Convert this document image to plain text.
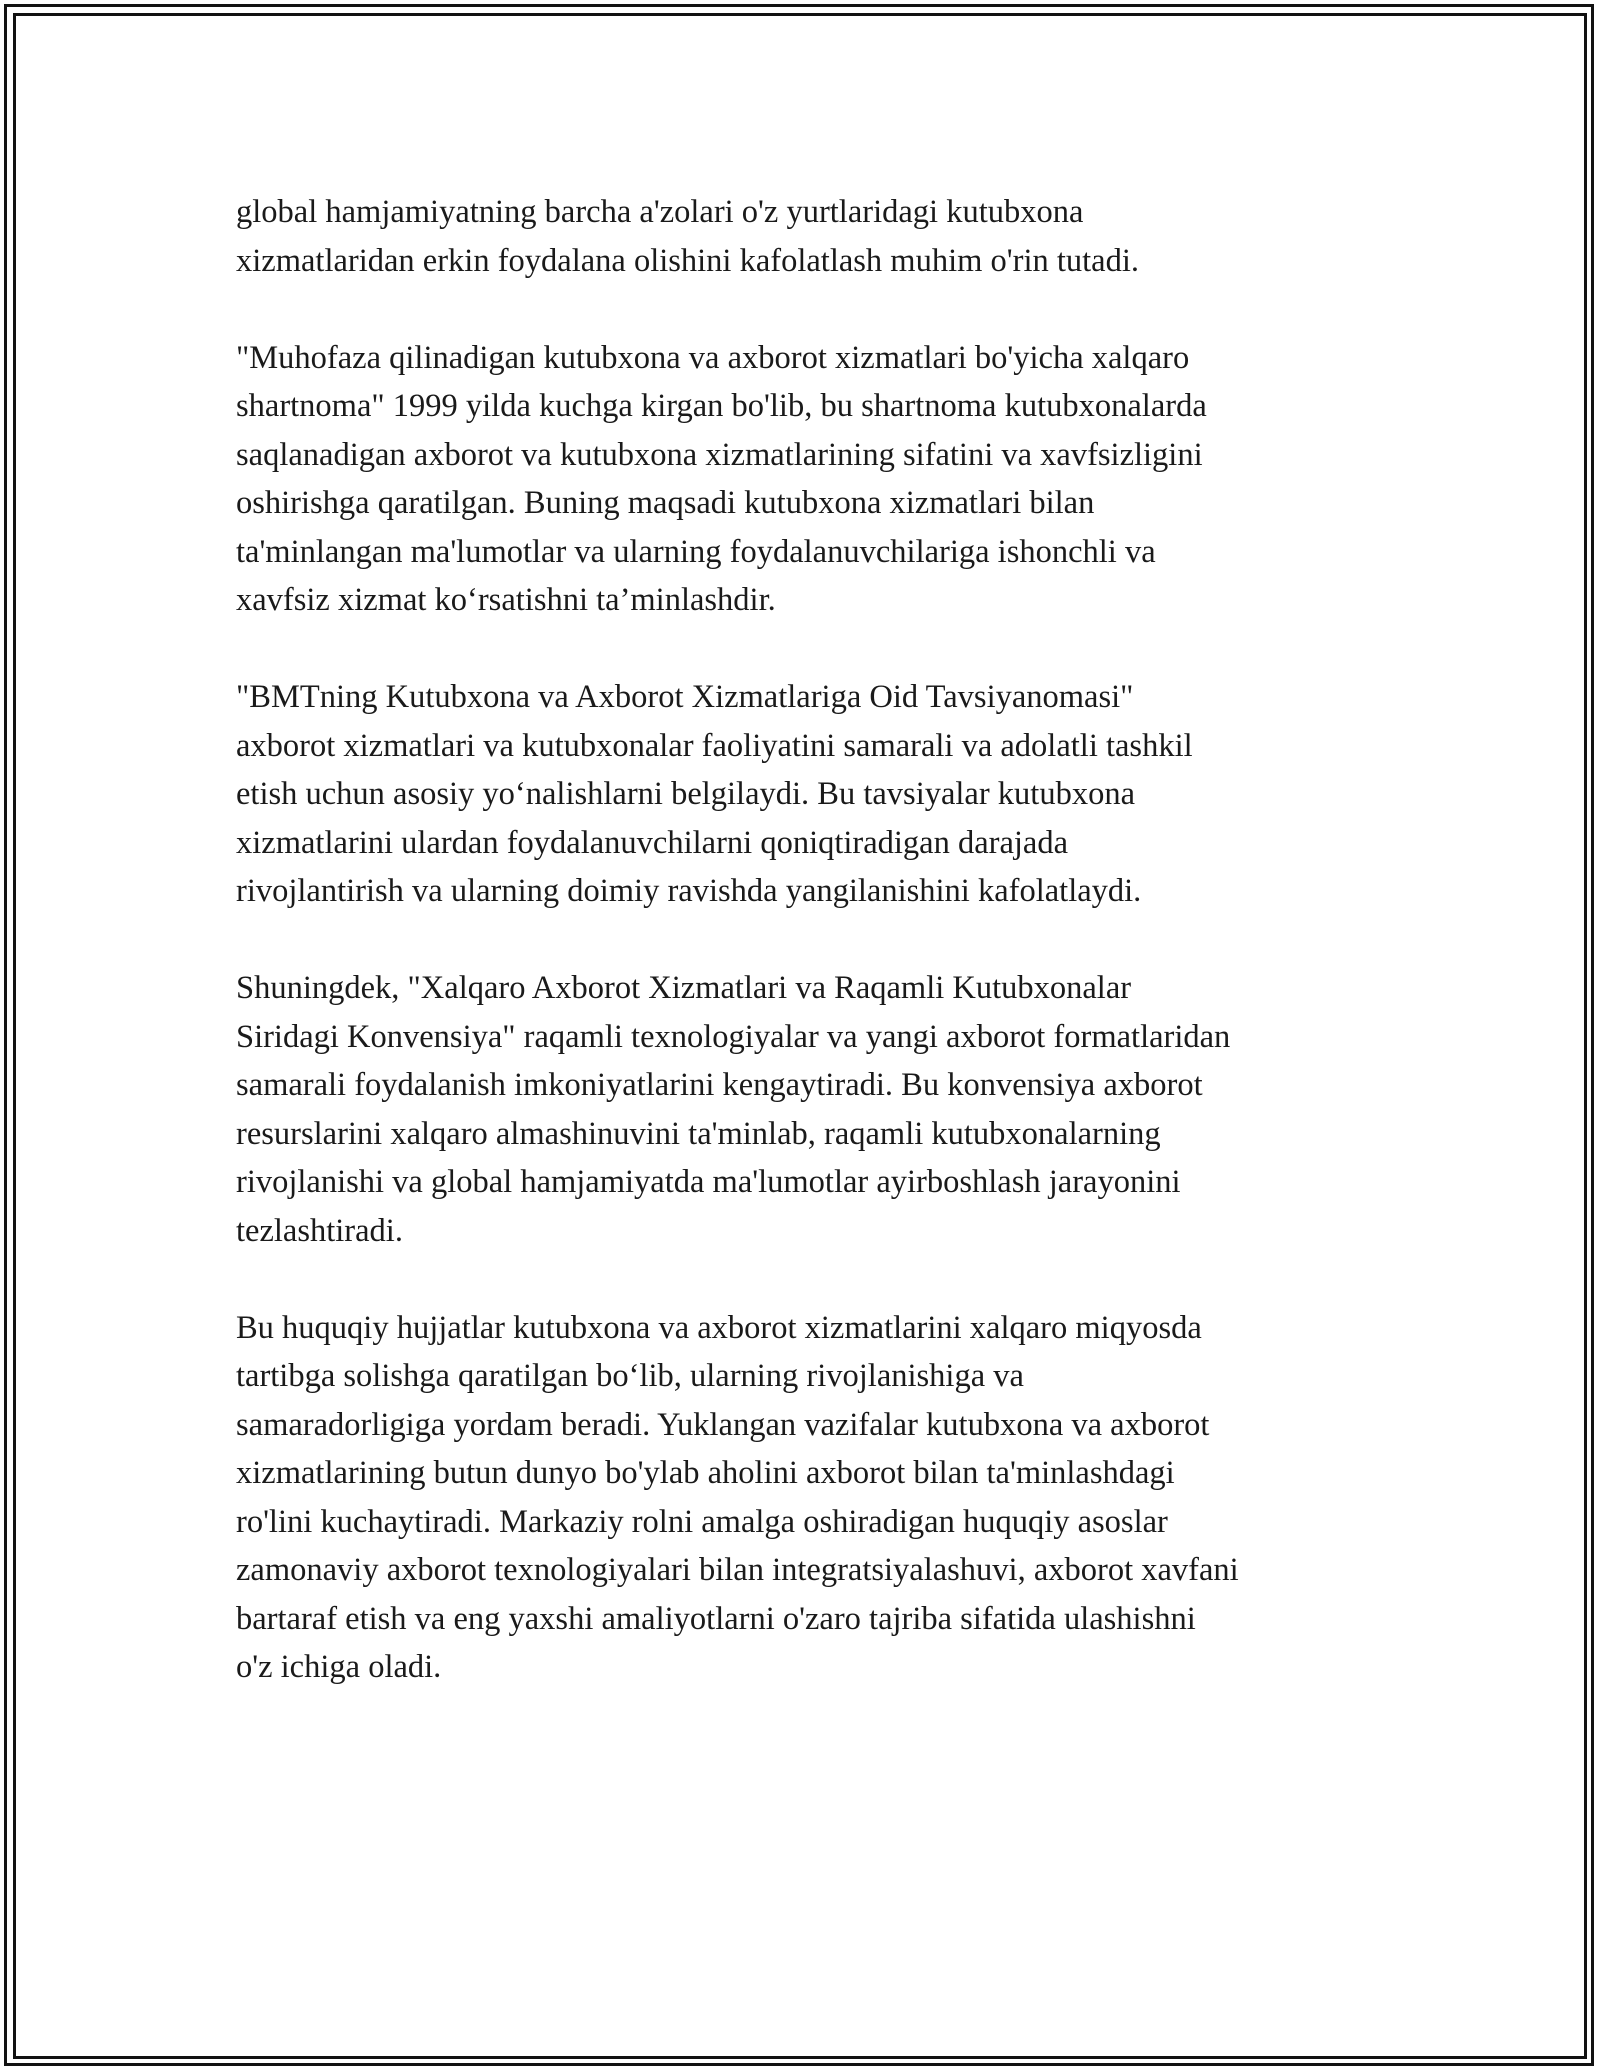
global hamjamiyatning barcha a'zolari o'z yurtlaridagi kutubxona
xizmatlaridan erkin foydalana olishini kafolatlash muhim o'rin tutadi.

"Muhofaza qilinadigan kutubxona va axborot xizmatlari bo'yicha xalqaro
shartnoma" 1999 yilda kuchga kirgan bo'lib, bu shartnoma kutubxonalarda
saqlanadigan axborot va kutubxona xizmatlarining sifatini va xavfsizligini
oshirishga qaratilgan. Buning maqsadi kutubxona xizmatlari bilan
ta'minlangan ma'lumotlar va ularning foydalanuvchilariga ishonchli va
xavfsiz xizmat ko‘rsatishni ta’minlashdir.

"BMTning Kutubxona va Axborot Xizmatlariga Oid Tavsiyanomasi"
axborot xizmatlari va kutubxonalar faoliyatini samarali va adolatli tashkil
etish uchun asosiy yo‘nalishlarni belgilaydi. Bu tavsiyalar kutubxona
xizmatlarini ulardan foydalanuvchilarni qoniqtiradigan darajada
rivojlantirish va ularning doimiy ravishda yangilanishini kafolatlaydi.

Shuningdek, "Xalqaro Axborot Xizmatlari va Raqamli Kutubxonalar
Siridagi Konvensiya" raqamli texnologiyalar va yangi axborot formatlaridan
samarali foydalanish imkoniyatlarini kengaytiradi. Bu konvensiya axborot
resurslarini xalqaro almashinuvini ta'minlab, raqamli kutubxonalarning
rivojlanishi va global hamjamiyatda ma'lumotlar ayirboshlash jarayonini
tezlashtiradi.

Bu huquqiy hujjatlar kutubxona va axborot xizmatlarini xalqaro miqyosda
tartibga solishga qaratilgan bo‘lib, ularning rivojlanishiga va
samaradorligiga yordam beradi. Yuklangan vazifalar kutubxona va axborot
xizmatlarining butun dunyo bo'ylab aholini axborot bilan ta'minlashdagi
ro'lini kuchaytiradi. Markaziy rolni amalga oshiradigan huquqiy asoslar
zamonaviy axborot texnologiyalari bilan integratsiyalashuvi, axborot xavfani
bartaraf etish va eng yaxshi amaliyotlarni o'zaro tajriba sifatida ulashishni
o'z ichiga oladi.
